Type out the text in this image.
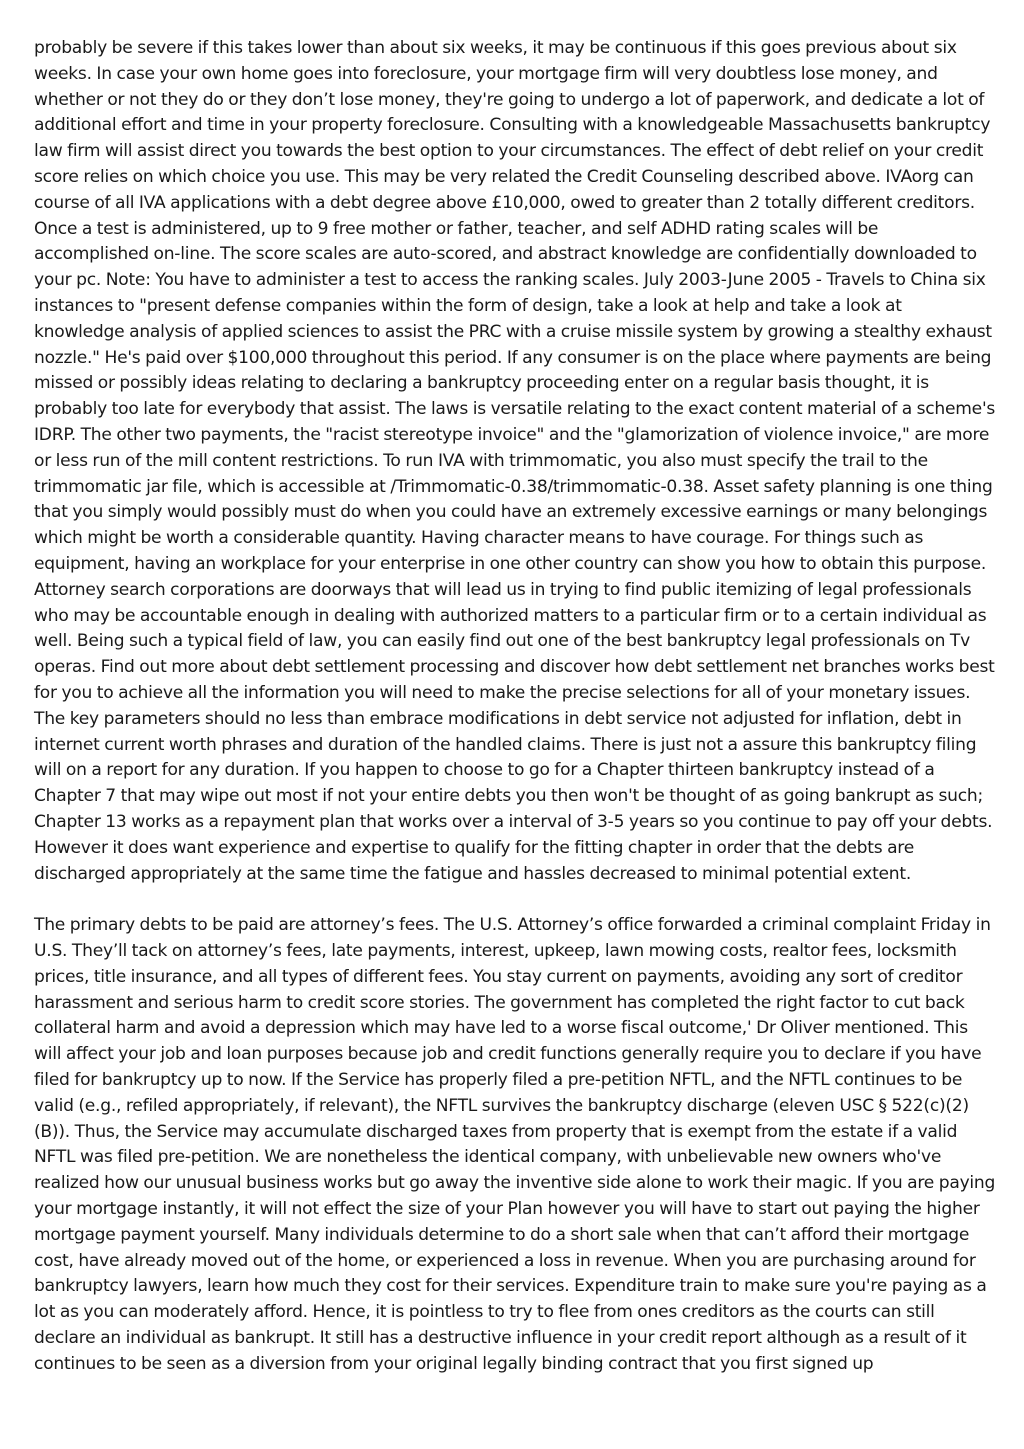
probably be severe if this takes lower than about six weeks, it may be continuous if this goes previous about six weeks. In case your own home goes into foreclosure, your mortgage firm will very doubtless lose money, and whether or not they do or they don’t lose money, they're going to undergo a lot of paperwork, and dedicate a lot of additional effort and time in your property foreclosure. Consulting with a knowledgeable Massachusetts bankruptcy law firm will assist direct you towards the best option to your circumstances. The effect of debt relief on your credit score relies on which choice you use. This may be very related the Credit Counseling described above. IVAorg can course of all IVA applications with a debt degree above £10,000, owed to greater than 2 totally different creditors. Once a test is administered, up to 9 free mother or father, teacher, and self ADHD rating scales will be accomplished on-line. The score scales are auto-scored, and abstract knowledge are confidentially downloaded to your pc. Note: You have to administer a test to access the ranking scales. July 2003-June 2005 - Travels to China six instances to "present defense companies within the form of design, take a look at help and take a look at knowledge analysis of applied sciences to assist the PRC with a cruise missile system by growing a stealthy exhaust nozzle." He's paid over $100,000 throughout this period. If any consumer is on the place where payments are being missed or possibly ideas relating to declaring a bankruptcy proceeding enter on a regular basis thought, it is probably too late for everybody that assist. The laws is versatile relating to the exact content material of a scheme's IDRP. The other two payments, the "racist stereotype invoice" and the "glamorization of violence invoice," are more or less run of the mill content restrictions. To run IVA with trimmomatic, you also must specify the trail to the trimmomatic jar file, which is accessible at /Trimmomatic-0.38/trimmomatic-0.38. Asset safety planning is one thing that you simply would possibly must do when you could have an extremely excessive earnings or many belongings which might be worth a considerable quantity. Having character means to have courage. For things such as equipment, having an workplace for your enterprise in one other country can show you how to obtain this purpose. Attorney search corporations are doorways that will lead us in trying to find public itemizing of legal professionals who may be accountable enough in dealing with authorized matters to a particular firm or to a certain individual as well. Being such a typical field of law, you can easily find out one of the best bankruptcy legal professionals on Tv operas. Find out more about debt settlement processing and discover how debt settlement net branches works best for you to achieve all the information you will need to make the precise selections for all of your monetary issues. The key parameters should no less than embrace modifications in debt service not adjusted for inflation, debt in internet current worth phrases and duration of the handled claims. There is just not a assure this bankruptcy filing will on a report for any duration. If you happen to choose to go for a Chapter thirteen bankruptcy instead of a Chapter 7 that may wipe out most if not your entire debts you then won't be thought of as going bankrupt as such; Chapter 13 works as a repayment plan that works over a interval of 3-5 years so you continue to pay off your debts. However it does want experience and expertise to qualify for the fitting chapter in order that the debts are discharged appropriately at the same time the fatigue and hassles decreased to minimal potential extent.

The primary debts to be paid are attorney’s fees. The U.S. Attorney’s office forwarded a criminal complaint Friday in U.S. They’ll tack on attorney’s fees, late payments, interest, upkeep, lawn mowing costs, realtor fees, locksmith prices, title insurance, and all types of different fees. You stay current on payments, avoiding any sort of creditor harassment and serious harm to credit score stories. The government has completed the right factor to cut back collateral harm and avoid a depression which may have led to a worse fiscal outcome,' Dr Oliver mentioned. This will affect your job and loan purposes because job and credit functions generally require you to declare if you have filed for bankruptcy up to now. If the Service has properly filed a pre-petition NFTL, and the NFTL continues to be valid (e.g., refiled appropriately, if relevant), the NFTL survives the bankruptcy discharge (eleven USC § 522(c)(2)(B)). Thus, the Service may accumulate discharged taxes from property that is exempt from the estate if a valid NFTL was filed pre-petition. We are nonetheless the identical company, with unbelievable new owners who've realized how our unusual business works but go away the inventive side alone to work their magic. If you are paying your mortgage instantly, it will not effect the size of your Plan however you will have to start out paying the higher mortgage payment yourself. Many individuals determine to do a short sale when that can’t afford their mortgage cost, have already moved out of the home, or experienced a loss in revenue. When you are purchasing around for bankruptcy lawyers, learn how much they cost for their services. Expenditure train to make sure you're paying as a lot as you can moderately afford. Hence, it is pointless to try to flee from ones creditors as the courts can still declare an individual as bankrupt. It still has a destructive influence in your credit report although as a result of it continues to be seen as a diversion from your original legally binding contract that you first signed up
